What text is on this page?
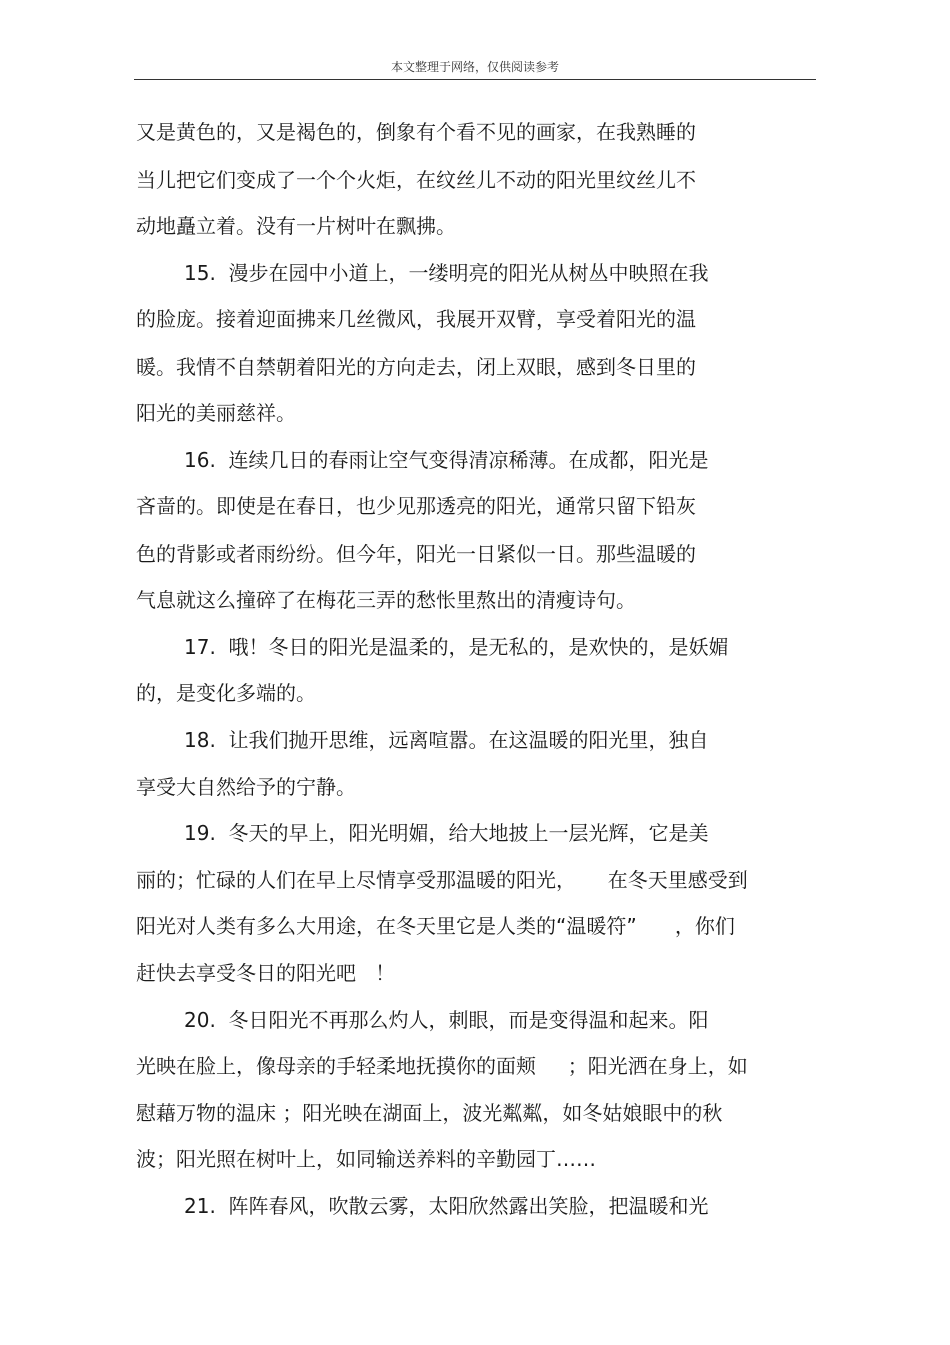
本文整理于网络，仅供阅读参考
又是黄色的，又是褐色的，倒象有个看不见的画家，在我熟睡的
当儿把它们变成了一个个火炬，在纹丝儿不动的阳光里纹丝儿不
动地矗立着。没有一片树叶在飘拂。
15.  漫步在园中小道上，一缕明亮的阳光从树丛中映照在我
的脸庞。接着迎面拂来几丝微风，我展开双臂，享受着阳光的温
暖。我情不自禁朝着阳光的方向走去，闭上双眼，感到冬日里的
阳光的美丽慈祥。
16.  连续几日的春雨让空气变得清凉稀薄。在成都，阳光是
吝啬的。即使是在春日，也少见那透亮的阳光，通常只留下铅灰
色的背影或者雨纷纷。但今年，阳光一日紧似一日。那些温暖的
气息就这么撞碎了在梅花三弄的愁怅里熬出的清瘦诗句。
17.  哦！冬日的阳光是温柔的，是无私的，是欢快的，是妖媚
的，是变化多端的。
18.  让我们抛开思维，远离喧嚣。在这温暖的阳光里，独自
享受大自然给予的宁静。
19.  冬天的早上，阳光明媚，给大地披上一层光辉，它是美
丽的；忙碌的人们在早上尽情享受那温暖的阳光，     在冬天里感受到
阳光对人类有多么大用途，在冬天里它是人类的“温暖符”      ，你们
赶快去享受冬日的阳光吧   ！
20.  冬日阳光不再那么灼人，刺眼，而是变得温和起来。阳
光映在脸上，像母亲的手轻柔地抚摸你的面颊     ；阳光洒在身上，如
慰藉万物的温床 ；阳光映在湖面上，波光粼粼，如冬姑娘眼中的秋
波；阳光照在树叶上，如同输送养料的辛勤园丁……
21.  阵阵春风，吹散云雾，太阳欣然露出笑脸，把温暖和光
